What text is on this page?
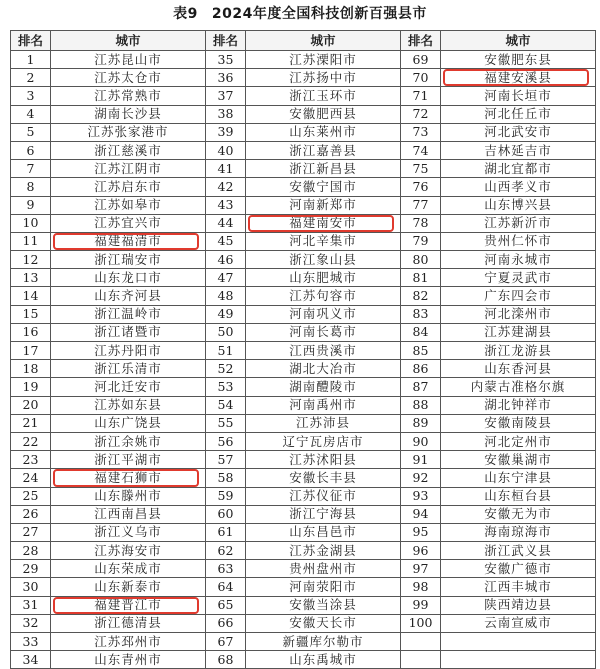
表9 2024年度全国科技创新百强县市
排名	城市	排名	城市	排名	城市
1	江苏昆山市	35	江苏溧阳市	69	安徽肥东县
2	江苏太仓市	36	江苏扬中市	70	福建安溪县
3	江苏常熟市	37	浙江玉环市	71	河南长垣市
4	湖南长沙县	38	安徽肥西县	72	河北任丘市
5	江苏张家港市	39	山东莱州市	73	河北武安市
6	浙江慈溪市	40	浙江嘉善县	74	吉林延吉市
7	江苏江阴市	41	浙江新昌县	75	湖北宜都市
8	江苏启东市	42	安徽宁国市	76	山西孝义市
9	江苏如皋市	43	河南新郑市	77	山东博兴县
10	江苏宜兴市	44	福建南安市	78	江苏新沂市
11	福建福清市	45	河北辛集市	79	贵州仁怀市
12	浙江瑞安市	46	浙江象山县	80	河南永城市
13	山东龙口市	47	山东肥城市	81	宁夏灵武市
14	山东齐河县	48	江苏句容市	82	广东四会市
15	浙江温岭市	49	河南巩义市	83	河北滦州市
16	浙江诸暨市	50	河南长葛市	84	江苏建湖县
17	江苏丹阳市	51	江西贵溪市	85	浙江龙游县
18	浙江乐清市	52	湖北大冶市	86	山东香河县
19	河北迁安市	53	湖南醴陵市	87	内蒙古准格尔旗
20	江苏如东县	54	河南禹州市	88	湖北钟祥市
21	山东广饶县	55	江苏沛县	89	安徽南陵县
22	浙江余姚市	56	辽宁瓦房店市	90	河北定州市
23	浙江平湖市	57	江苏沭阳县	91	安徽巢湖市
24	福建石狮市	58	安徽长丰县	92	山东宁津县
25	山东滕州市	59	江苏仪征市	93	山东桓台县
26	江西南昌县	60	浙江宁海县	94	安徽无为市
27	浙江义乌市	61	山东昌邑市	95	海南琼海市
28	江苏海安市	62	江苏金湖县	96	浙江武义县
29	山东荣成市	63	贵州盘州市	97	安徽广德市
30	山东新泰市	64	河南荥阳市	98	江西丰城市
31	福建晋江市	65	安徽当涂县	99	陕西靖边县
32	浙江德清县	66	安徽天长市	100	云南宣威市
33	江苏邳州市	67	新疆库尔勒市		
34	山东青州市	68	山东禹城市		
